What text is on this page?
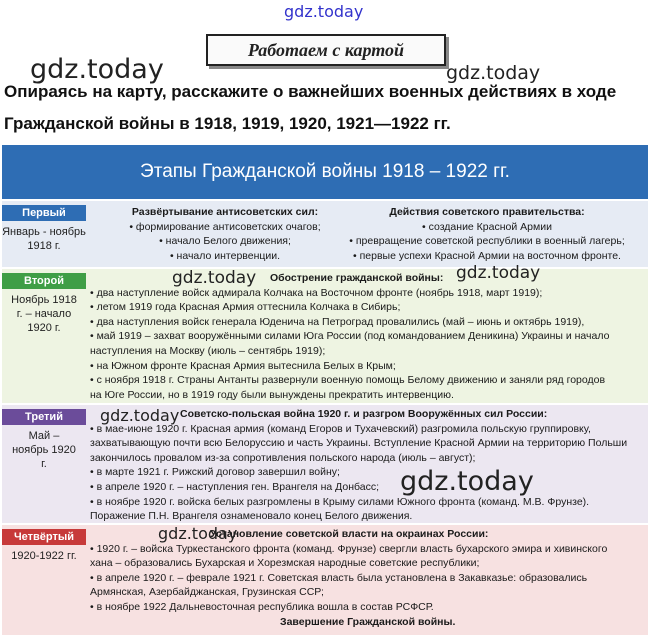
gdz.today
gdz.today	gdz.today
Работаем с картой
Опираясь на карту, расскажите о важнейших военных действиях в ходе Гражданской войны в 1918, 1919, 1920, 1921—1922 гг.
Этапы Гражданской войны 1918 – 1922 гг.
Первый
Январь - ноябрь 1918 г.
Развёртывание антисоветских сил:
• формирование антисоветских очагов;
• начало Белого движения;
• начало интервенции.
Действия советского правительства:
• создание Красной Армии
• превращение советской республики в военный лагерь;
• первые успехи Красной Армии на восточном фронте.
Второй
Ноябрь 1918 г. – начало 1920 г.
Обострение гражданской войны:
• два наступление войск адмирала Колчака на Восточном фронте (ноябрь 1918, март 1919);
• летом 1919 года Красная Армия оттеснила Колчака в Сибирь;
• два наступления войск генерала Юденича на Петроград провалились (май – июнь и октябрь 1919),
• май 1919 – захват вооружёнными силами Юга России (под командованием Деникина) Украины и начало
наступления на Москву (июль – сентябрь 1919);
• на Южном фронте Красная Армия вытеснила Белых в Крым;
• с ноября 1918 г. Страны Антанты развернули военную помощь Белому движению и заняли ряд городов
на Юге России, но в 1919 году были вынуждены прекратить интервенцию.
Третий
Май – ноябрь 1920 г.
Советско-польская война 1920 г. и разгром Вооружённых сил России:
• в мае-июне 1920 г. Красная армия (команд Егоров и Тухачевский) разгромила польскую группировку,
захватывающую почти всю Белоруссию и часть Украины. Вступление Красной Армии на территорию Польши
закончилось провалом из-за сопротивления польского народа (июль – август);
• в марте 1921 г. Рижский договор завершил войну;
• в апреле 1920 г. – наступления ген. Врангеля на Донбасс;
• в ноябре 1920 г. войска белых разгромлены в Крыму силами Южного фронта (команд. М.В. Фрунзе).
Поражение П.Н. Врангеля ознаменовало конец Белого движения.
Четвёртый
1920-1922 гг.
Установление советской власти на окраинах России:
• 1920 г. – войска Туркестанского фронта (команд. Фрунзе) свергли власть бухарского эмира и хивинского
хана – образовались Бухарская и Хорезмская народные советские республики;
• в апреле 1920 г. – феврале 1921 г. Советская власть была установлена в Закавказье: образовались
Армянская, Азербайджанская, Грузинская ССР;
• в ноябре 1922 Дальневосточная республика вошла в состав РСФСР.
Завершение Гражданской войны.
gdz.today	gdz.today
gdz.today
gdz.today
gdz.today
